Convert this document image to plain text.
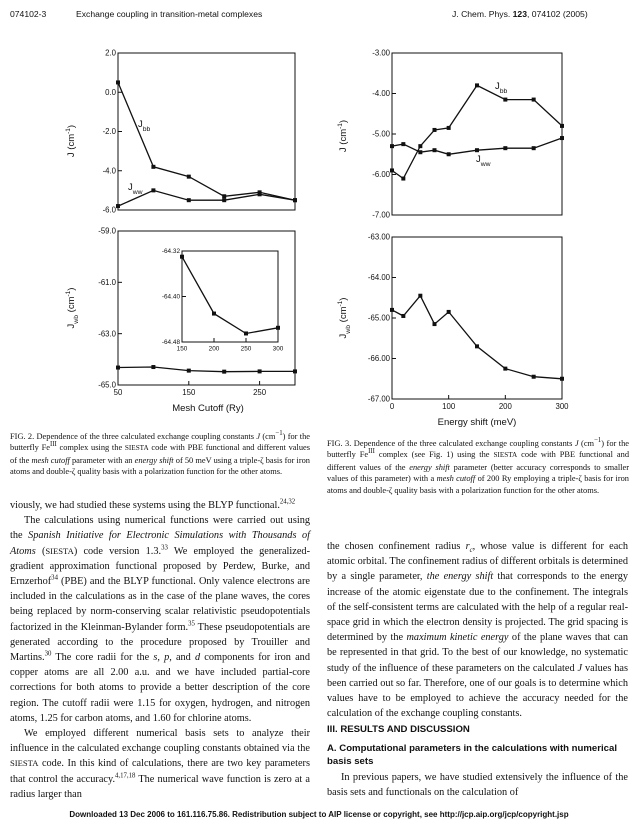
074102-3	Exchange coupling in transition-metal complexes	J. Chem. Phys. 123, 074102 (2005)
J $(cm^{-1})$
2.0
0.0
-2.0
-4.0
-6.0
$J_{bb}$
$J_{ww}$
$J_{wb}$ $(cm^{-1})$
-59.0
-61.0
-63.0
-65.0
50	150	250
-64.32
-64.40
-64.48
150	200	250	300
Mesh Cutoff (Ry)
J $(cm^{-1})$
-3.00
-4.00
-5.00
-6.00
-7.00
$J_{bb}$
$J_{ww}$
$J_{wb}$ $(cm^{-1})$
-63.00
-64.00
-65.00
-66.00
-67.00
0	100	200	300
Energy shift (meV)
FIG. 2. Dependence of the three calculated exchange coupling constants J $(cm^{-1})$ for the butterfly $Fe^{III}$ complex using the SIESTA code with PBE functional and different values of the mesh cutoff parameter with an energy shift of 50 meV using a triple-ζ basis for iron atoms and double-ζ quality basis with a polarization function for the other atoms.
FIG. 3. Dependence of the three calculated exchange coupling constants J $(cm^{-1})$ for the butterfly $Fe^{III}$ complex (see Fig. 1) using the SIESTA code with PBE functional and different values of the energy shift parameter (better accuracy corresponds to smaller values of this parameter) with a mesh cutoff of 200 Ry employing a triple-ζ basis for iron atoms and double-ζ quality basis with a polarization function for the other atoms.

viously, we had studied these systems using the BLYP functional.$^{24,32}$

The calculations using numerical functions were carried out using the Spanish Initiative for Electronic Simulations with Thousands of Atoms (SIESTA) code version 1.3.33 We employed the generalized-gradient approximation functional proposed by Perdew, Burke, and Ernzerhof$^{34}$ (PBE) and the BLYP functional. Only valence electrons are included in the calculations as in the case of the plane waves, the cores being replaced by norm-conserving scalar relativistic pseudopotentials factorized in the Kleinman-Bylander form.$^{35}$ These pseudopotentials are generated according to the procedure proposed by Trouiller and Martins.$^{30}$ The core radii for the s, p, and d components for iron and copper atoms are all 2.00 a.u. and we have included partial-core corrections for both atoms to provide a better description of the core region. The cutoff radii were 1.15 for oxygen, hydrogen, and nitrogen atoms, 1.25 for carbon atoms, and 1.60 for chlorine atoms.

We employed different numerical basis sets to analyze their influence in the calculated exchange coupling constants obtained via the SIESTA code. In this kind of calculations, there are two key parameters that control the accuracy.$^{4,17,18}$ The numerical wave function is zero at a radius larger than

the chosen confinement radius $r_c$, whose value is different for each atomic orbital. The confinement radius of different orbitals is determined by a single parameter, the energy shift that corresponds to the energy increase of the atomic eigenstate due to the confinement. The integrals of the self-consistent terms are calculated with the help of a regular real-space grid in which the electron density is projected. The grid spacing is determined by the maximum kinetic energy of the plane waves that can be represented in that grid. To the best of our knowledge, no systematic study of the influence of these parameters on the calculated J values has been carried out so far. Therefore, one of our goals is to determine which values have to be employed to achieve the accuracy needed for the calculation of the exchange coupling constants.

III. RESULTS AND DISCUSSION
A. Computational parameters in the calculations with numerical basis sets

In previous papers, we have studied extensively the influence of the basis sets and functionals on the calculation of

Downloaded 13 Dec 2006 to 161.116.75.86. Redistribution subject to AIP license or copyright, see http://jcp.aip.org/jcp/copyright.jsp
